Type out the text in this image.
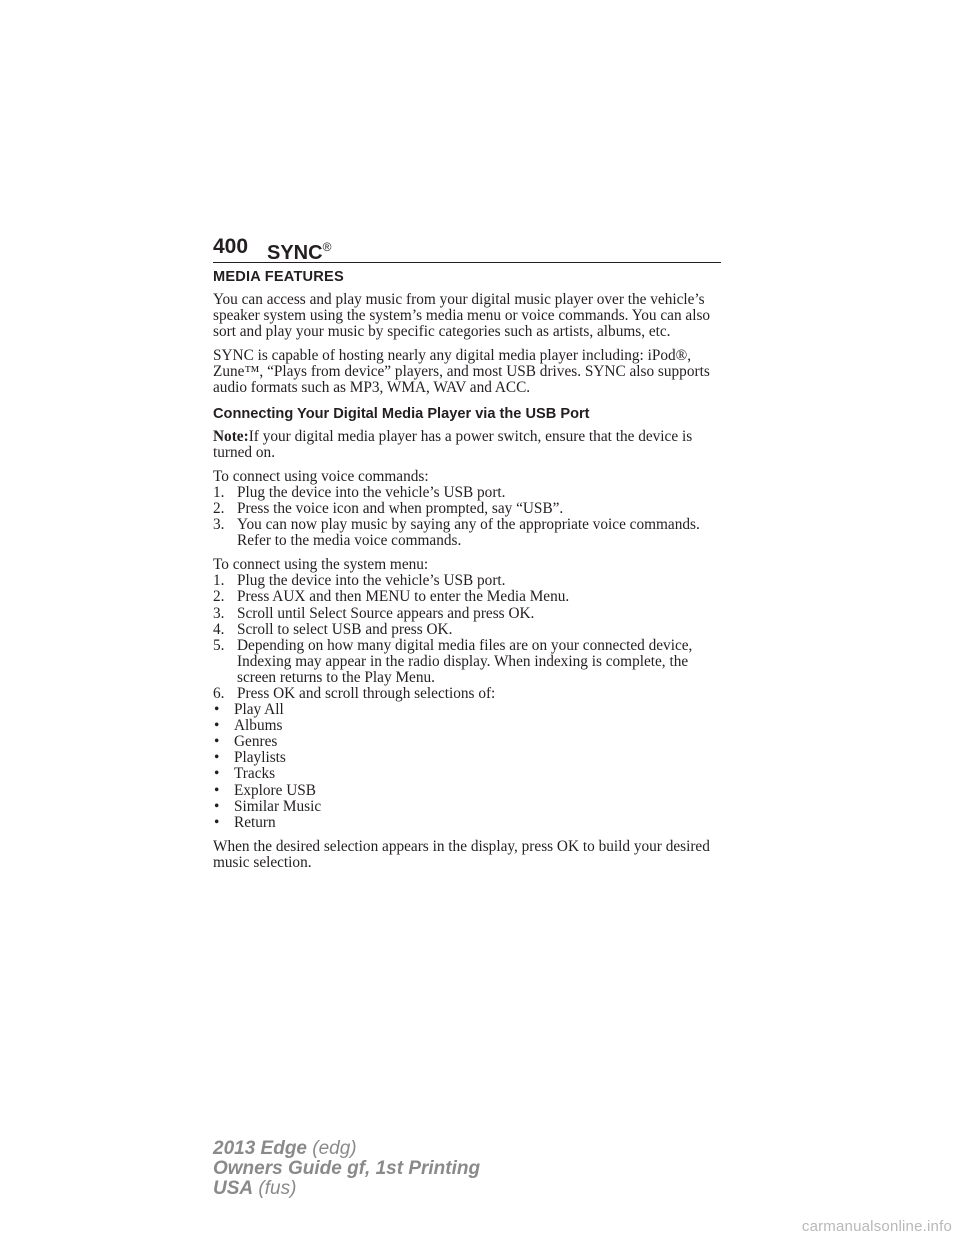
400 SYNC®
MEDIA FEATURES

You can access and play music from your digital music player over the vehicle’s speaker system using the system’s media menu or voice commands. You can also sort and play your music by specific categories such as artists, albums, etc.

SYNC is capable of hosting nearly any digital media player including: iPod®, Zune™, “Plays from device” players, and most USB drives. SYNC also supports audio formats such as MP3, WMA, WAV and ACC.

Connecting Your Digital Media Player via the USB Port

Note:If your digital media player has a power switch, ensure that the device is turned on.

To connect using voice commands:
1. Plug the device into the vehicle’s USB port.
2. Press the voice icon and when prompted, say “USB”.
3. You can now play music by saying any of the appropriate voice commands. Refer to the media voice commands.
To connect using the system menu:
1. Plug the device into the vehicle’s USB port.
2. Press AUX and then MENU to enter the Media Menu.
3. Scroll until Select Source appears and press OK.
4. Scroll to select USB and press OK.
5. Depending on how many digital media files are on your connected device, Indexing may appear in the radio display. When indexing is complete, the screen returns to the Play Menu.
6. Press OK and scroll through selections of:
• Play All
• Albums
• Genres
• Playlists
• Tracks
• Explore USB
• Similar Music
• Return

When the desired selection appears in the display, press OK to build your desired music selection.

2013 Edge (edg)
Owners Guide gf, 1st Printing
USA (fus)
carmanualsonline.info
